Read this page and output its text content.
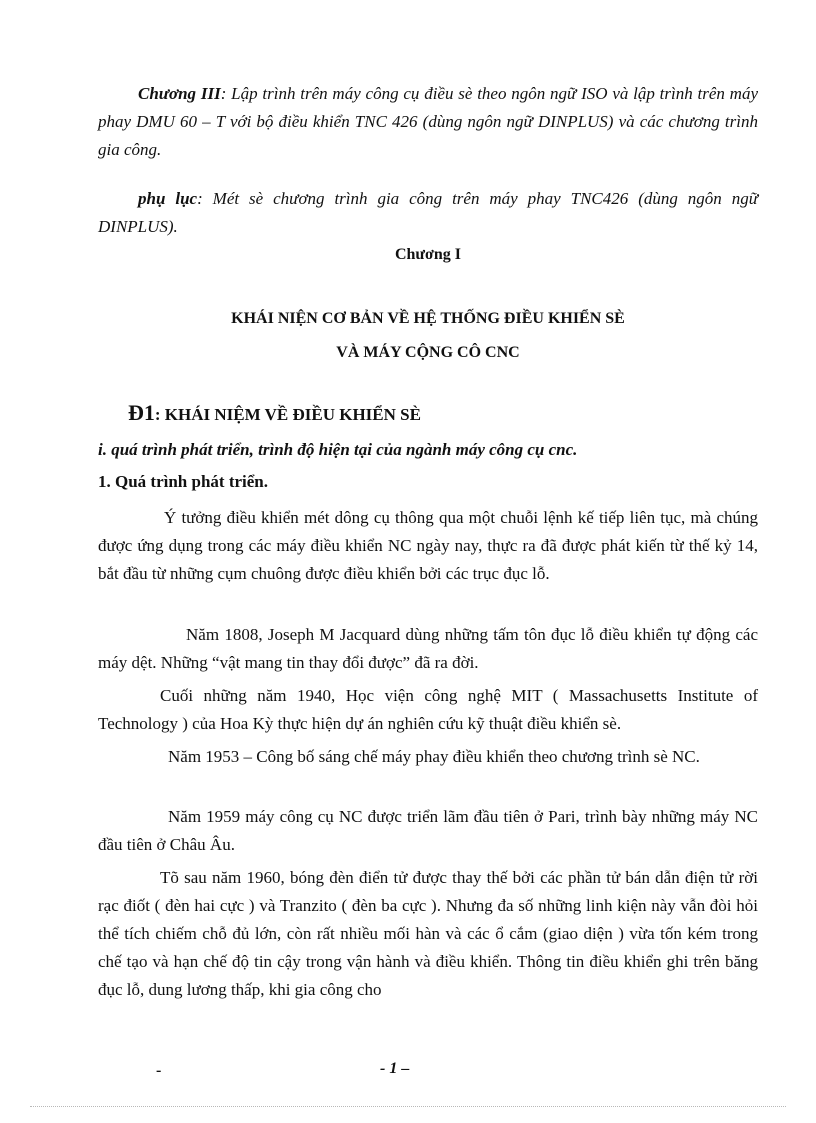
Chương III: Lập trình trên máy công cụ điều sè theo ngôn ngữ ISO và lập trình trên máy phay DMU 60 – T với bộ điều khiển TNC 426 (dùng ngôn ngữ DINPLUS) và các chương trình gia công.

phụ lục: Mét sè chương trình gia công trên máy phay TNC426 (dùng ngôn ngữ DINPLUS).

Chương I

KHÁI NIỆN CƠ BẢN VỀ HỆ THỐNG ĐIỀU KHIỂN SÈ

VÀ MÁY CỘNG CÔ CNC

Đ1: KHÁI NIỆM VỀ ĐIỀU KHIỂN SÈ

i. quá trình phát triển, trình độ hiện tại của ngành máy công cụ cnc.

1. Quá trình phát triển.

Ý tưởng điều khiển mét dông cụ thông qua một chuỗi lệnh kế tiếp liên tục, mà chúng được ứng dụng trong các máy điều khiển NC ngày nay, thực ra đã được phát kiến từ thế kỷ 14, bắt đầu từ những cụm chuông được điều khiển bởi các trục đục lỗ.

Năm 1808, Joseph M Jacquard dùng những tấm tôn đục lỗ điều khiển tự động các máy dệt. Những “vật mang tin thay đổi được” đã ra đời.

Cuối những năm 1940, Học viện công nghệ MIT ( Massachusetts Institute of Technology ) của Hoa Kỳ thực hiện dự án nghiên cứu kỹ thuật điều khiển sè.

Năm 1953 – Công bố sáng chế máy phay điều khiển theo chương trình sè NC.

Năm 1959 máy công cụ NC được triển lãm đầu tiên ở Pari, trình bày những máy NC đầu tiên ở Châu Âu.

Tõ sau năm 1960, bóng đèn điển tử được thay thế bởi các phần tử bán dẫn điện tử rời rạc điốt ( đèn hai cực ) và Tranzito ( đèn ba cực ). Nhưng đa số những linh kiện này vẫn đòi hỏi thể tích chiếm chỗ đủ lớn, còn rất nhiều mối hàn và các ổ cắm (giao diện ) vừa tốn kém trong chế tạo và hạn chế độ tin cậy trong vận hành và điều khiển. Thông tin điều khiển ghi trên băng đục lỗ, dung lương thấp, khi gia công cho

-	- 1 –
